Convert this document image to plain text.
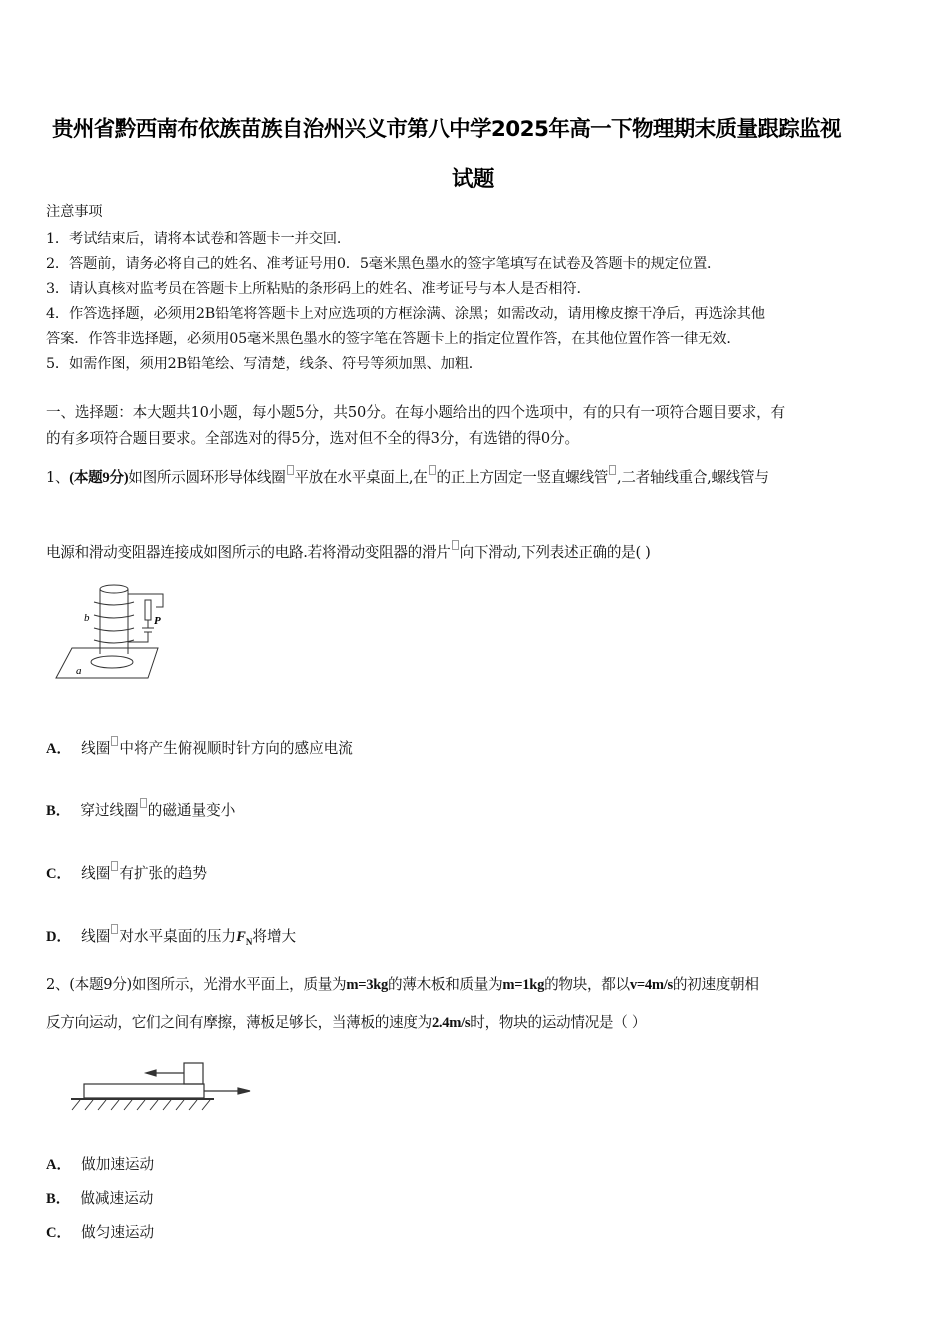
贵州省黔西南布依族苗族自治州兴义市第八中学2025年高一下物理期末质量跟踪监视
试题
注意事项
1．考试结束后，请将本试卷和答题卡一并交回．
2．答题前，请务必将自己的姓名、准考证号用0．5毫米黑色墨水的签字笔填写在试卷及答题卡的规定位置．
3．请认真核对监考员在答题卡上所粘贴的条形码上的姓名、准考证号与本人是否相符．
4．作答选择题，必须用2B铅笔将答题卡上对应选项的方框涂满、涂黑；如需改动，请用橡皮擦干净后，再选涂其他
答案．作答非选择题，必须用05毫米黑色墨水的签字笔在答题卡上的指定位置作答，在其他位置作答一律无效．
5．如需作图，须用2B铅笔绘、写清楚，线条、符号等须加黑、加粗．
一、选择题：本大题共10小题，每小题5分，共50分。在每小题给出的四个选项中，有的只有一项符合题目要求，有
的有多项符合题目要求。全部选对的得5分，选对但不全的得3分，有选错的得0分。
1、(本题9分)如图所示圆环形导体线圈 平放在水平桌面上,在 的正上方固定一竖直螺线管 ,二者轴线重合,螺线管与
电源和滑动变阻器连接成如图所示的电路.若将滑动变阻器的滑片 向下滑动,下列表述正确的是( )
b	P
a
A． 线圈 中将产生俯视顺时针方向的感应电流
B． 穿过线圈 的磁通量变小
C． 线圈 有扩张的趋势
D． 线圈 对水平桌面的压力$F_N$将增大
2、(本题9分)如图所示，光滑水平面上，质量为m=3kg的薄木板和质量为m=1kg的物块，都以v=4m/s的初速度朝相
反方向运动，它们之间有摩擦，薄板足够长，当薄板的速度为2.4m/s时，物块的运动情况是（ ）
A． 做加速运动
B． 做减速运动
C． 做匀速运动
